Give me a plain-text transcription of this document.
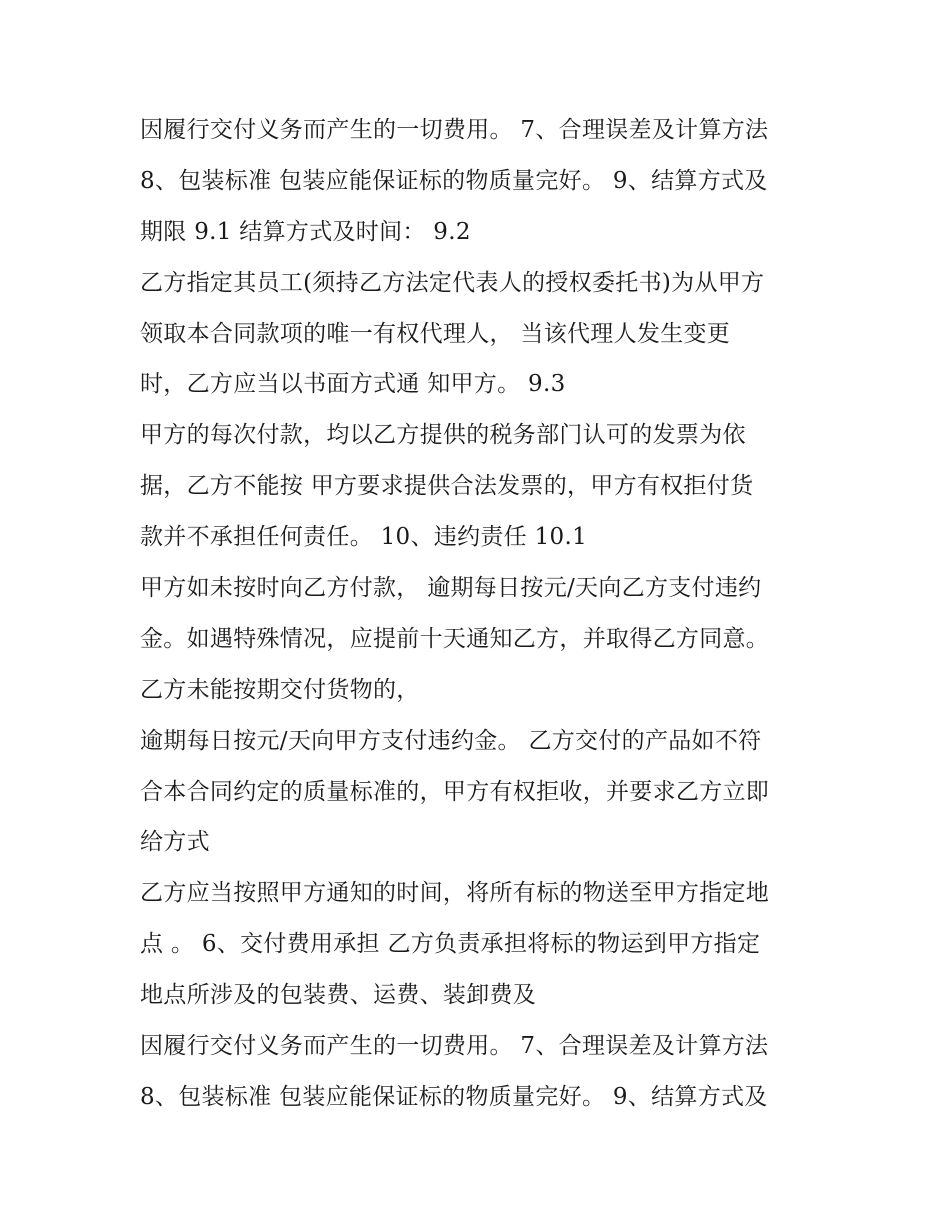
因履行交付义务而产生的一切费用。 7、合理误差及计算方法
8、包装标准 包装应能保证标的物质量完好。 9、结算方式及
期限 9.1 结算方式及时间： 9.2
乙方指定其员工(须持乙方法定代表人的授权委托书)为从甲方
领取本合同款项的唯一有权代理人， 当该代理人发生变更
时，乙方应当以书面方式通 知甲方。 9.3
甲方的每次付款，均以乙方提供的税务部门认可的发票为依
据，乙方不能按 甲方要求提供合法发票的，甲方有权拒付货
款并不承担任何责任。 10、违约责任 10.1
甲方如未按时向乙方付款， 逾期每日按元/天向乙方支付违约
金。如遇特殊情况，应提前十天通知乙方，并取得乙方同意。
乙方未能按期交付货物的，
逾期每日按元/天向甲方支付违约金。 乙方交付的产品如不符
合本合同约定的质量标准的，甲方有权拒收，并要求乙方立即
给方式
乙方应当按照甲方通知的时间，将所有标的物送至甲方指定地
点 。 6、交付费用承担 乙方负责承担将标的物运到甲方指定
地点所涉及的包装费、运费、装卸费及
因履行交付义务而产生的一切费用。 7、合理误差及计算方法
8、包装标准 包装应能保证标的物质量完好。 9、结算方式及
